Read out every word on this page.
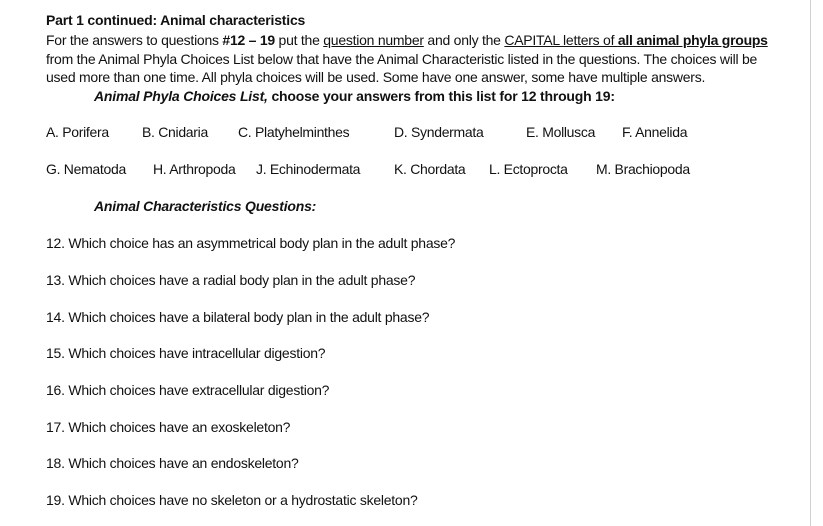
Part 1 continued: Animal characteristics
For the answers to questions #12 – 19 put the question number and only the CAPITAL letters of all animal phyla groups
from the Animal Phyla Choices List below that have the Animal Characteristic listed in the questions. The choices will be
used more than one time. All phyla choices will be used. Some have one answer, some have multiple answers.
Animal Phyla Choices List, choose your answers from this list for 12 through 19:
A. Porifera B. Cnidaria C. Platyhelminthes	D. Syndermata	E. Mollusca F. Annelida
G. Nematoda H. Arthropoda J. Echinodermata K. Chordata L. Ectoprocta M. Brachiopoda
Animal Characteristics Questions:
12. Which choice has an asymmetrical body plan in the adult phase?
13. Which choices have a radial body plan in the adult phase?
14. Which choices have a bilateral body plan in the adult phase?
15. Which choices have intracellular digestion?
16. Which choices have extracellular digestion?
17. Which choices have an exoskeleton?
18. Which choices have an endoskeleton?
19. Which choices have no skeleton or a hydrostatic skeleton?
